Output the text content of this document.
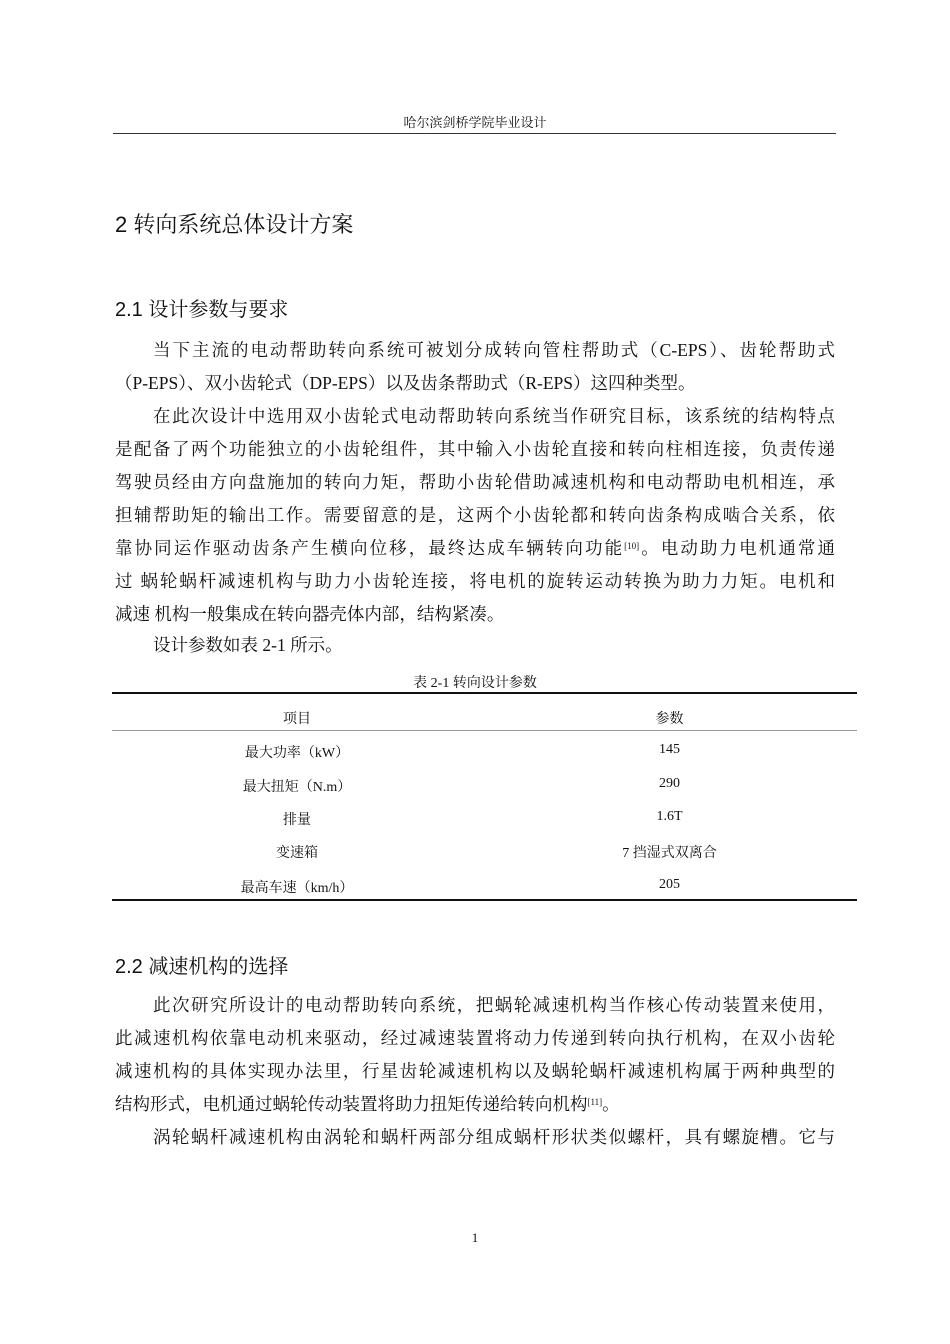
哈尔滨剑桥学院毕业设计
2 转向系统总体设计方案
2.1 设计参数与要求
当下主流的电动帮助转向系统可被划分成转向管柱帮助式（C-EPS）、齿轮帮助式
（P-EPS）、双小齿轮式（DP-EPS）以及齿条帮助式（R-EPS）这四种类型。
在此次设计中选用双小齿轮式电动帮助转向系统当作研究目标，该系统的结构特点
是配备了两个功能独立的小齿轮组件，其中输入小齿轮直接和转向柱相连接，负责传递
驾驶员经由方向盘施加的转向力矩，帮助小齿轮借助减速机构和电动帮助电机相连，承
担辅帮助矩的输出工作。需要留意的是，这两个小齿轮都和转向齿条构成啮合关系，依
靠协同运作驱动齿条产生横向位移，最终达成车辆转向功能[10]。电动助力电机通常通
过 蜗轮蜗杆减速机构与助力小齿轮连接，将电机的旋转运动转换为助力力矩。电机和
减速 机构一般集成在转向器壳体内部，结构紧凑。
设计参数如表 2-1 所示。
表 2-1 转向设计参数
项目	参数
最大功率（kW）	145
最大扭矩（N.m）	290
排量	1.6T
变速箱	7 挡湿式双离合
最高车速（km/h）	205
2.2 减速机构的选择
此次研究所设计的电动帮助转向系统，把蜗轮减速机构当作核心传动装置来使用，
此减速机构依靠电动机来驱动，经过减速装置将动力传递到转向执行机构，在双小齿轮
减速机构的具体实现办法里，行星齿轮减速机构以及蜗轮蜗杆减速机构属于两种典型的
结构形式，电机通过蜗轮传动装置将助力扭矩传递给转向机构[11]。
涡轮蜗杆减速机构由涡轮和蜗杆两部分组成蜗杆形状类似螺杆，具有螺旋槽。它与
1
